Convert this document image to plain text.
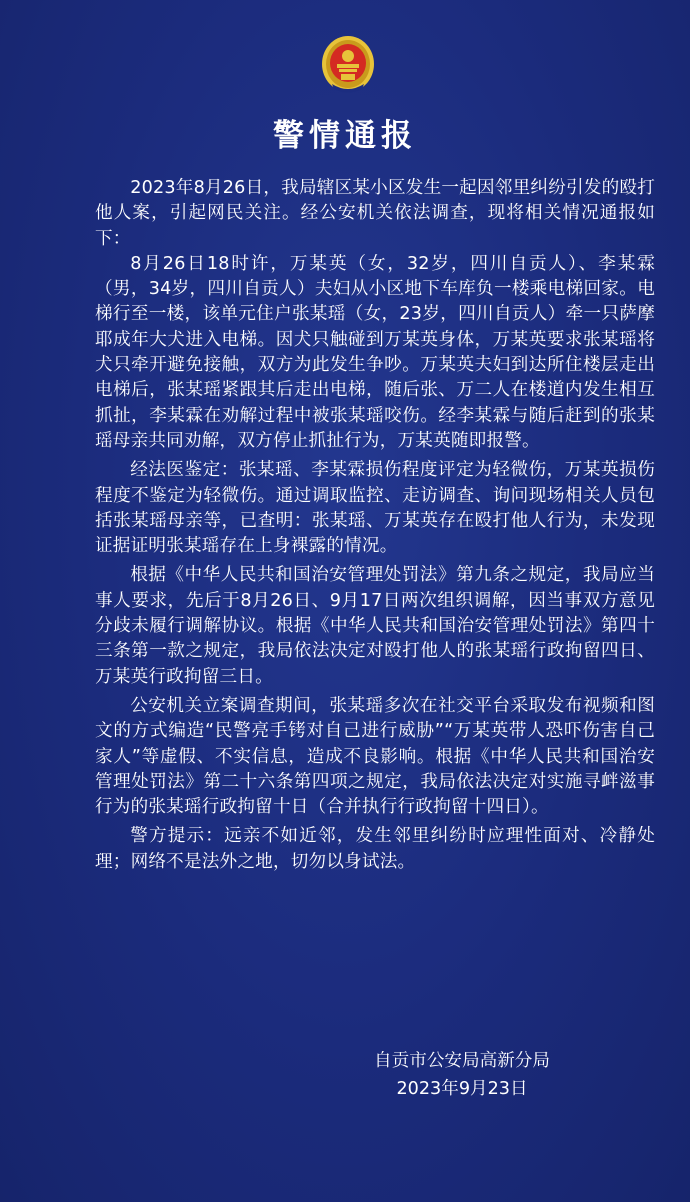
警情通报

2023年8月26日，我局辖区某小区发生一起因邻里纠纷引发的殴打他人案，引起网民关注。经公安机关依法调查，现将相关情况通报如下：

8月26日18时许，万某英（女，32岁，四川自贡人）、李某霖（男，34岁，四川自贡人）夫妇从小区地下车库负一楼乘电梯回家。电梯行至一楼，该单元住户张某瑶（女，23岁，四川自贡人）牵一只萨摩耶成年大犬进入电梯。因犬只触碰到万某英身体，万某英要求张某瑶将犬只牵开避免接触，双方为此发生争吵。万某英夫妇到达所住楼层走出电梯后，张某瑶紧跟其后走出电梯，随后张、万二人在楼道内发生相互抓扯，李某霖在劝解过程中被张某瑶咬伤。经李某霖与随后赶到的张某瑶母亲共同劝解，双方停止抓扯行为，万某英随即报警。

经法医鉴定：张某瑶、李某霖损伤程度评定为轻微伤，万某英损伤程度不鉴定为轻微伤。通过调取监控、走访调查、询问现场相关人员包括张某瑶母亲等，已查明：张某瑶、万某英存在殴打他人行为，未发现证据证明张某瑶存在上身裸露的情况。

根据《中华人民共和国治安管理处罚法》第九条之规定，我局应当事人要求，先后于8月26日、9月17日两次组织调解，因当事双方意见分歧未履行调解协议。根据《中华人民共和国治安管理处罚法》第四十三条第一款之规定，我局依法决定对殴打他人的张某瑶行政拘留四日、万某英行政拘留三日。

公安机关立案调查期间，张某瑶多次在社交平台采取发布视频和图文的方式编造“民警亮手铐对自己进行威胁”“万某英带人恐吓伤害自己家人”等虚假、不实信息，造成不良影响。根据《中华人民共和国治安管理处罚法》第二十六条第四项之规定，我局依法决定对实施寻衅滋事行为的张某瑶行政拘留十日（合并执行行政拘留十四日）。

警方提示：远亲不如近邻，发生邻里纠纷时应理性面对、冷静处理；网络不是法外之地，切勿以身试法。

自贡市公安局高新分局
2023年9月23日
